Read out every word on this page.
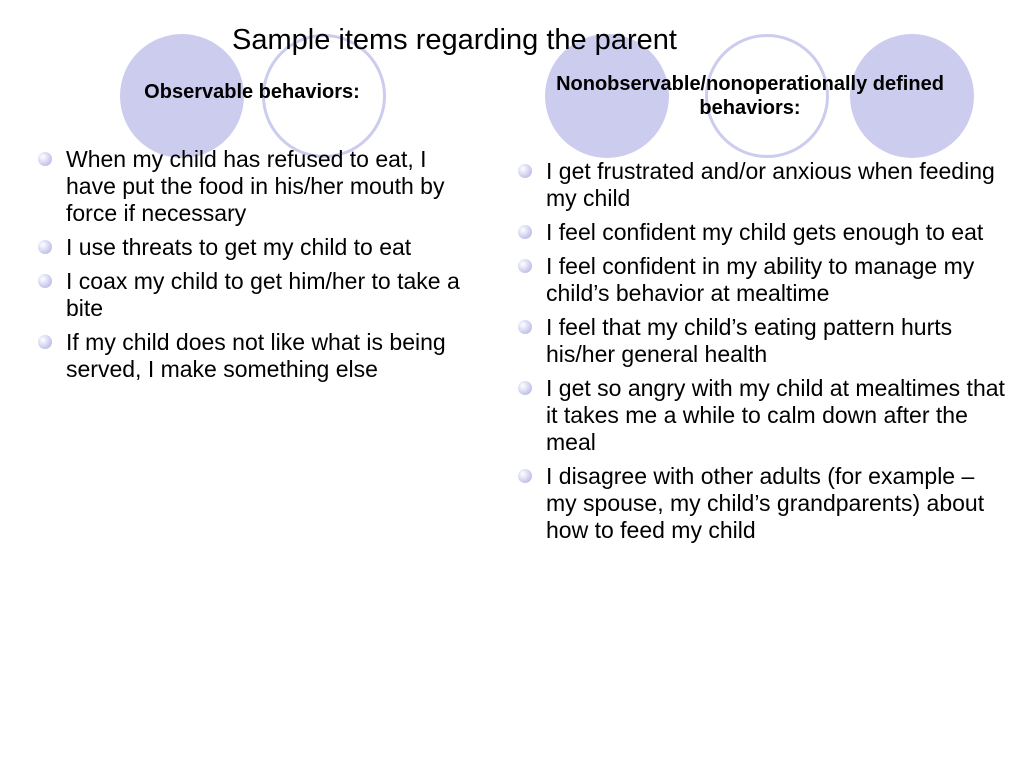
Sample items regarding the parent
Observable behaviors:	Nonobservable/nonoperationally defined behaviors:
When my child has refused to eat, I have put the food in his/her mouth by force if necessary
I use threats to get my child to eat
I coax my child to get him/her to take a bite
If my child does not like what is being served, I make something else
I get frustrated and/or anxious when feeding my child
I feel confident my child gets enough to eat
I feel confident in my ability to manage my child’s behavior at mealtime
I feel that my child’s eating pattern hurts his/her general health
I get so angry with my child at mealtimes that it takes me a while to calm down after the meal
I disagree with other adults (for example – my spouse, my child’s grandparents) about how to feed my child
